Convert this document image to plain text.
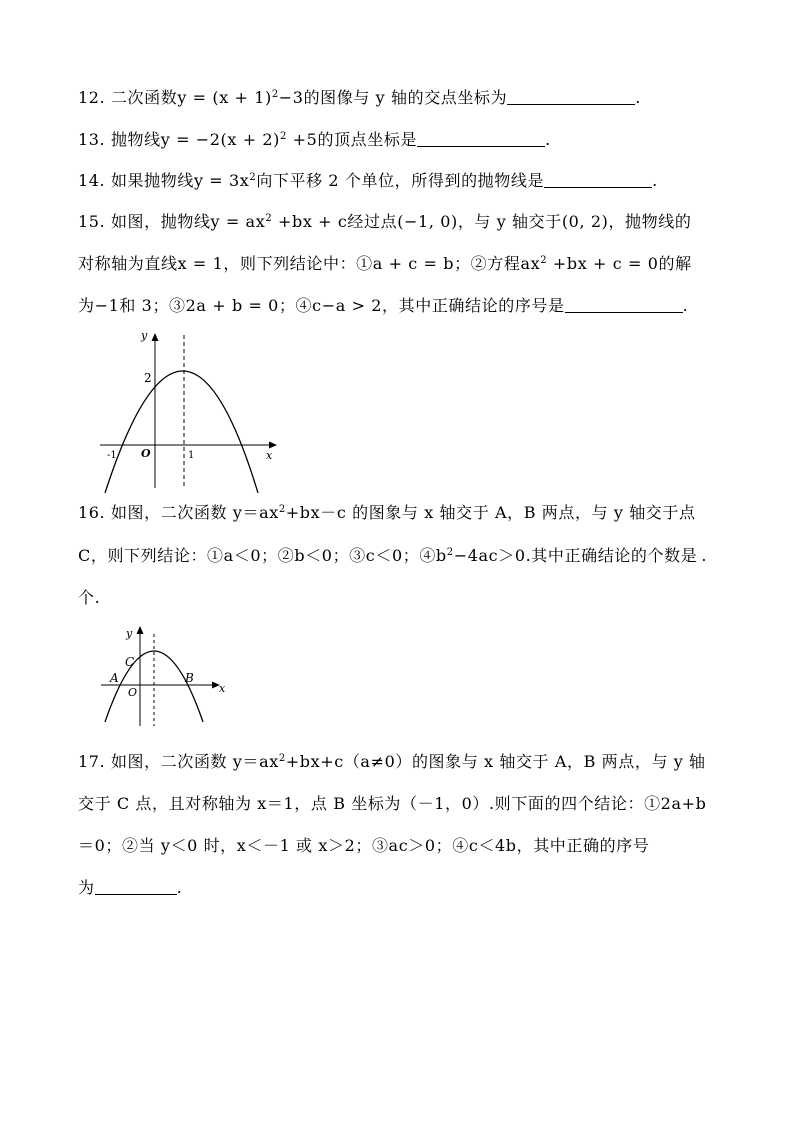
12. 二次函数$y = (x + 1)^2-3$的图像与 y 轴的交点坐标为	.
13. 抛物线$y = -2(x + 2)^2 +5$的顶点坐标是	.
14. 如果抛物线$y = 3x^2$向下平移 2 个单位，所得到的抛物线是	.
15. 如图，抛物线$y = ax^2 +bx + c$经过点(−1, 0)，与 y 轴交于(0, 2)，抛物线的
对称轴为直线x = 1，则下列结论中：①a + c = b；②方程$ax^2 +bx + c = 0$的解
为−1和 3；③2a + b = 0；④c−a > 2，其中正确结论的序号是	.
y
x
O
2
-1	1
16. 如图，二次函数 $y=ax^2+bx-c$ 的图象与 x 轴交于 A，B 两点，与 y 轴交于点
C，则下列结论：①a＜0；②b＜0；③c＜0；$④b^2-4ac>0$.其中正确结论的个数是 .
个.
y
x
O
A	B
C
17. 如图，二次函数 $y=ax^2+bx+c(a\ne 0)$的图象与 x 轴交于 A，B 两点，与 y 轴
交于 C 点，且对称轴为 x＝1，点 B 坐标为（－1，0）.则下面的四个结论：①2a+b
＝0；②当 y＜0 时，x＜－1 或 x＞2；③ac＞0；④c＜4b，其中正确的序号
为	.
